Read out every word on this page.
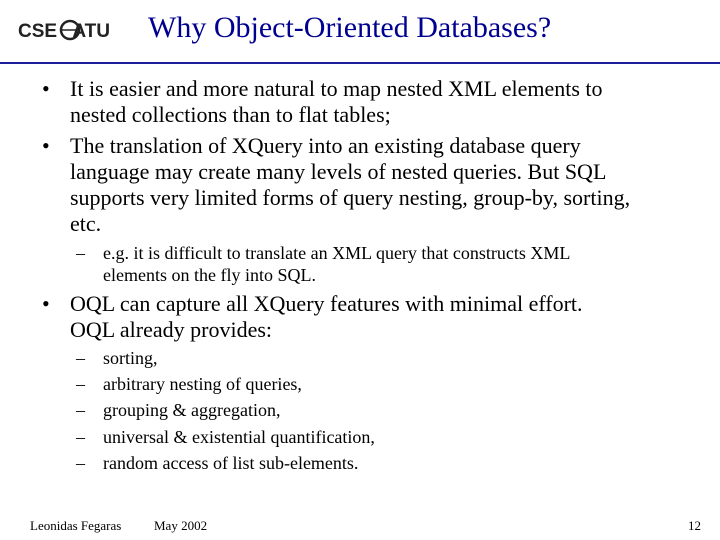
CSE UTA Why Object-Oriented Databases?
• It is easier and more natural to map nested XML elements to
nested collections than to flat tables;
• The translation of XQuery into an existing database query
language may create many levels of nested queries. But SQL
supports very limited forms of query nesting, group-by, sorting,
etc.
– e.g. it is difficult to translate an XML query that constructs XML
elements on the fly into SQL.
• OQL can capture all XQuery features with minimal effort.
OQL already provides:
– sorting,
– arbitrary nesting of queries,
– grouping & aggregation,
– universal & existential quantification,
– random access of list sub-elements.
Leonidas Fegaras	May 2002	12
